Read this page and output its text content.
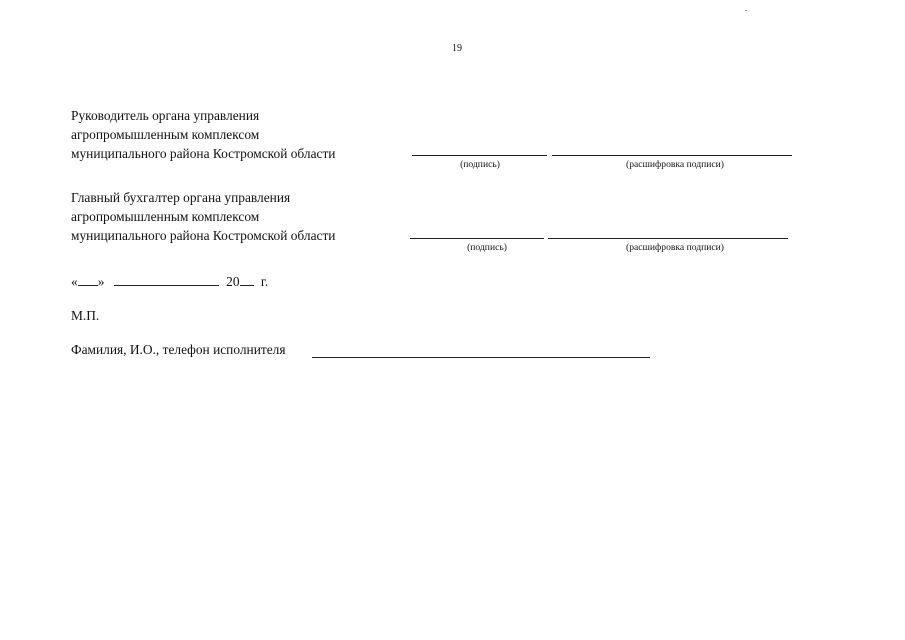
19
Руководитель органа управления
агропромышленным комплексом
муниципального района Костромской области
(подпись)	(расшифровка подписи)
Главный бухгалтер органа управления
агропромышленным комплексом
муниципального района Костромской области
(подпись)	(расшифровка подписи)
« »	20 г.
М.П.
Фамилия, И.О., телефон исполнителя
